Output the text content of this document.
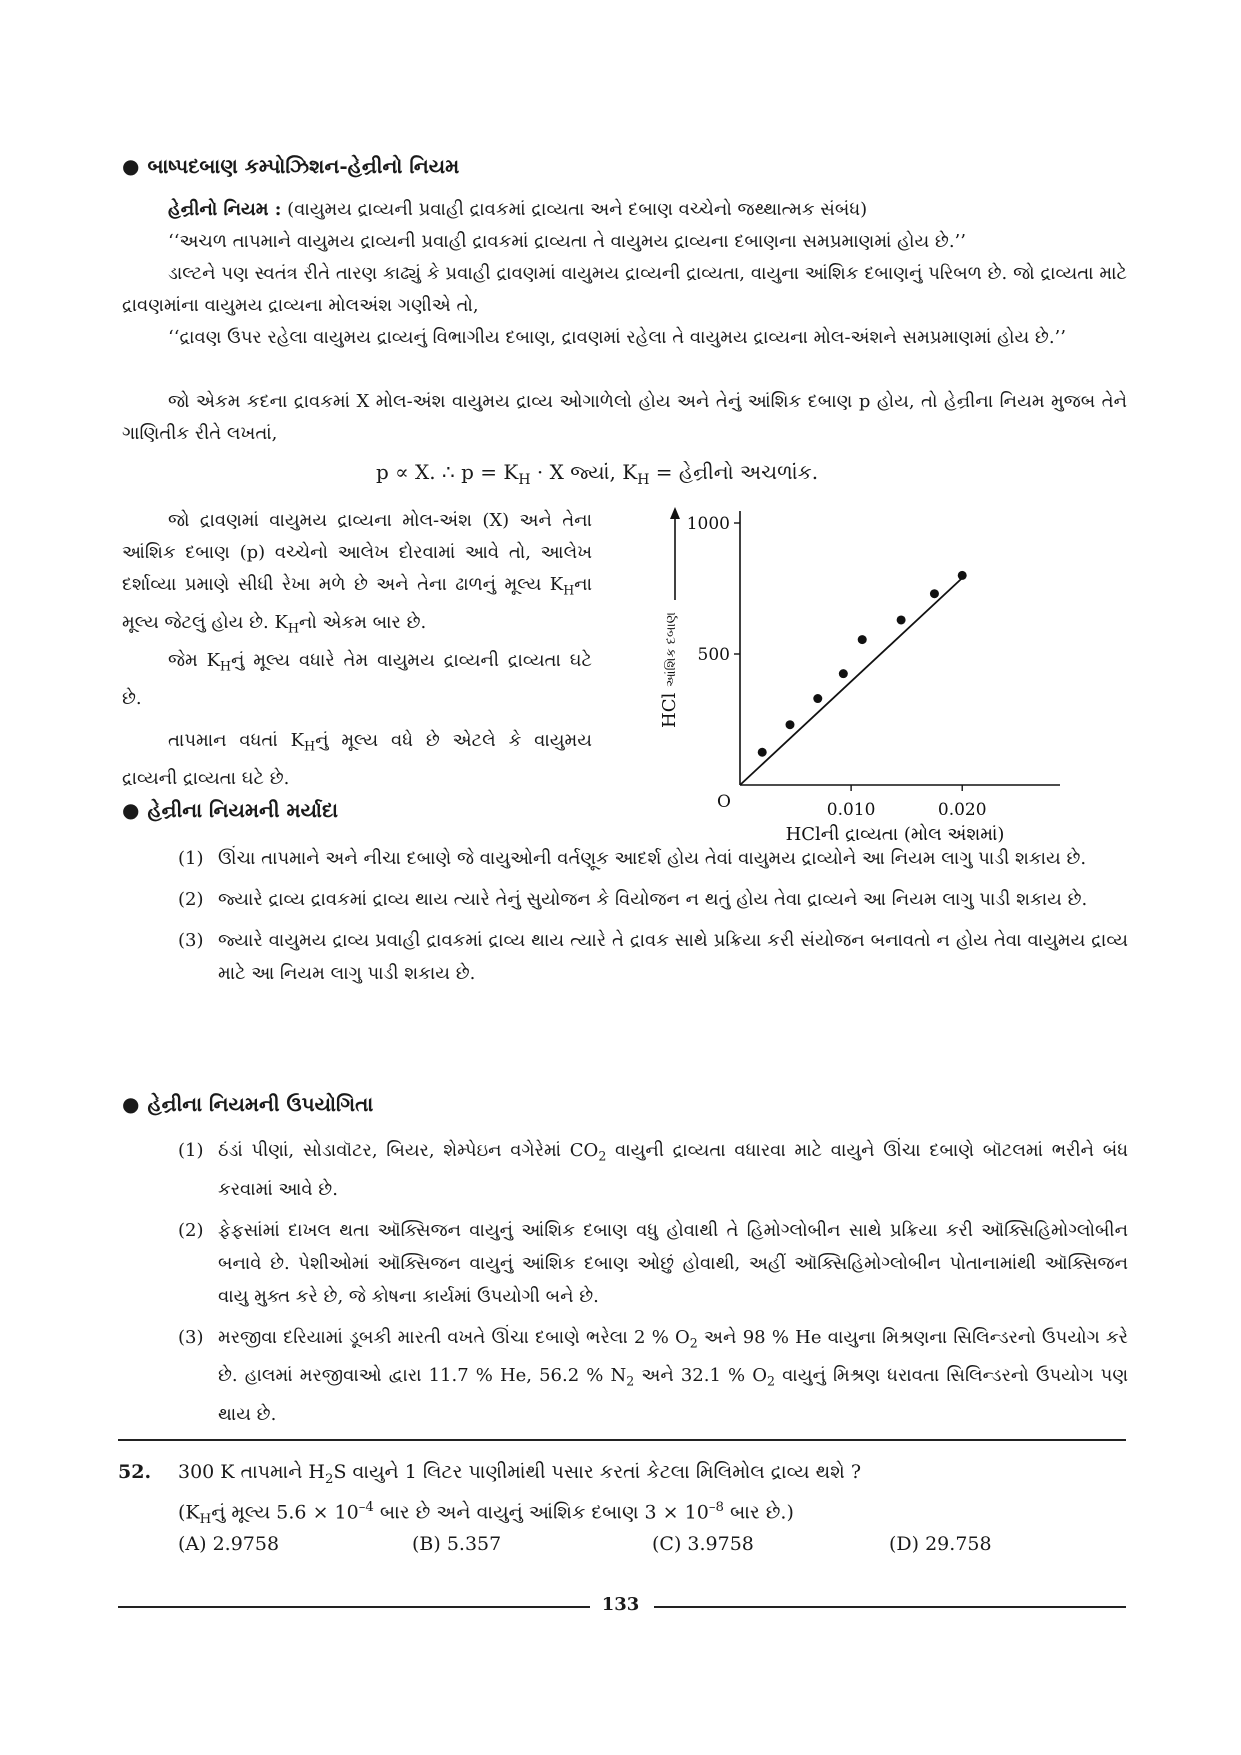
● બાષ્પદબાણ કમ્પોઝિશન-હેન્રીનો નિયમ
હેન્રીનો નિયમ : (વાયુમય દ્રાવ્યની પ્રવાહી દ્રાવકમાં દ્રાવ્યતા અને દબાણ વચ્ચેનો જથ્થાત્મક સંબંધ)
‘‘અચળ તાપમાને વાયુમય દ્રાવ્યની પ્રવાહી દ્રાવકમાં દ્રાવ્યતા તે વાયુમય દ્રાવ્યના દબાણના સમપ્રમાણમાં હોય છે.’’
ડાલ્ટને પણ સ્વતંત્ર રીતે તારણ કાઢ્યું કે પ્રવાહી દ્રાવણમાં વાયુમય દ્રાવ્યની દ્રાવ્યતા, વાયુના આંશિક દબાણનું પરિબળ છે. જો દ્રાવ્યતા માટે દ્રાવણમાંના વાયુમય દ્રાવ્યના મોલઅંશ ગણીએ તો,
‘‘દ્રાવણ ઉપર રહેલા વાયુમય દ્રાવ્યનું વિભાગીય દબાણ, દ્રાવણમાં રહેલા તે વાયુમય દ્રાવ્યના મોલ-અંશને સમપ્રમાણમાં હોય છે.’’
જો એકમ કદના દ્રાવકમાં X મોલ-અંશ વાયુમય દ્રાવ્ય ઓગાળેલો હોય અને તેનું આંશિક દબાણ p હોય, તો હેન્રીના નિયમ મુજબ તેને ગાણિતીક રીતે લખતાં,
p ∝ X. ∴ $p = K_H \cdot X$ જ્યાં, $K_H$ = હેન્રીનો અચળાંક.
જો દ્રાવણમાં વાયુમય દ્રાવ્યના મોલ-અંશ (X) અને તેના આંશિક દબાણ (p) વચ્ચેનો આલેખ દોરવામાં આવે તો, આલેખ દર્શાવ્યા પ્રમાણે સીધી રેખા મળે છે અને તેના ઢાળનું મૂલ્ય $K_Hના$ મૂલ્ય જેટલું હોય છે. $K_Hનો$ એકમ બાર છે.
જેમ $K_Hનું$ મૂલ્ય વધારે તેમ વાયુમય દ્રાવ્યની દ્રાવ્યતા ઘટે છે.
તાપમાન વધતાં $K_Hનું$ મૂલ્ય વધે છે એટલે કે વાયુમય દ્રાવ્યની દ્રાવ્યતા ઘટે છે.
500
1000
0.010	0.020
O
HCl આંશિક દબાણ
HClની દ્રાવ્યતા (મોલ અંશમાં)
● હેન્રીના નિયમની મર્યાદા
(1) ઊંચા તાપમાને અને નીચા દબાણે જે વાયુઓની વર્તણૂક આદર્શ હોય તેવાં વાયુમય દ્રાવ્યોને આ નિયમ લાગુ પાડી શકાય છે.
(2) જ્યારે દ્રાવ્ય દ્રાવકમાં દ્રાવ્ય થાય ત્યારે તેનું સુયોજન કે વિયોજન ન થતું હોય તેવા દ્રાવ્યને આ નિયમ લાગુ પાડી શકાય છે.
(3) જ્યારે વાયુમય દ્રાવ્ય પ્રવાહી દ્રાવકમાં દ્રાવ્ય થાય ત્યારે તે દ્રાવક સાથે પ્રક્રિયા કરી સંયોજન બનાવતો ન હોય તેવા વાયુમય દ્રાવ્ય માટે આ નિયમ લાગુ પાડી શકાય છે.
● હેન્રીના નિયમની ઉપયોગિતા
(1) ઠંડાં પીણાં, સોડાવૉટર, બિયર, શેમ્પેઇન વગેરેમાં $CO_2$ વાયુની દ્રાવ્યતા વધારવા માટે વાયુને ઊંચા દબાણે બૉટલમાં ભરીને બંધ કરવામાં આવે છે.
(2) ફેફસાંમાં દાખલ થતા ઑક્સિજન વાયુનું આંશિક દબાણ વધુ હોવાથી તે હિમોગ્લોબીન સાથે પ્રક્રિયા કરી ઑક્સિહિમોગ્લોબીન બનાવે છે. પેશીઓમાં ઑક્સિજન વાયુનું આંશિક દબાણ ઓછું હોવાથી, અહીં ઑક્સિહિમોગ્લોબીન પોતાનામાંથી ઑક્સિજન વાયુ મુક્ત કરે છે, જે કોષના કાર્યમાં ઉપયોગી બને છે.
(3) મરજીવા દરિયામાં ડૂબકી મારતી વખતે ઊંચા દબાણે ભરેલા 2 % $O_2$ અને 98 % He વાયુના મિશ્રણના સિલિન્ડરનો ઉપયોગ કરે છે. હાલમાં મરજીવાઓ દ્વારા 11.7 % He, 56.2 % $N_2$ અને 32.1 % $O_2$ વાયુનું મિશ્રણ ધરાવતા સિલિન્ડરનો ઉપયોગ પણ થાય છે.
52. 300 K તાપમાને $H_2S$ વાયુને 1 લિટર પાણીમાંથી પસાર કરતાં કેટલા મિલિમોલ દ્રાવ્ય થશે ?
($K_Hનું$ મૂલ્ય $5.6 \times 10^{-4}$ બાર છે અને વાયુનું આંશિક દબાણ $3 \times 10^{-8}$ બાર છે.)
(A) 2.9758	(B) 5.357	(C) 3.9758	(D) 29.758
133
